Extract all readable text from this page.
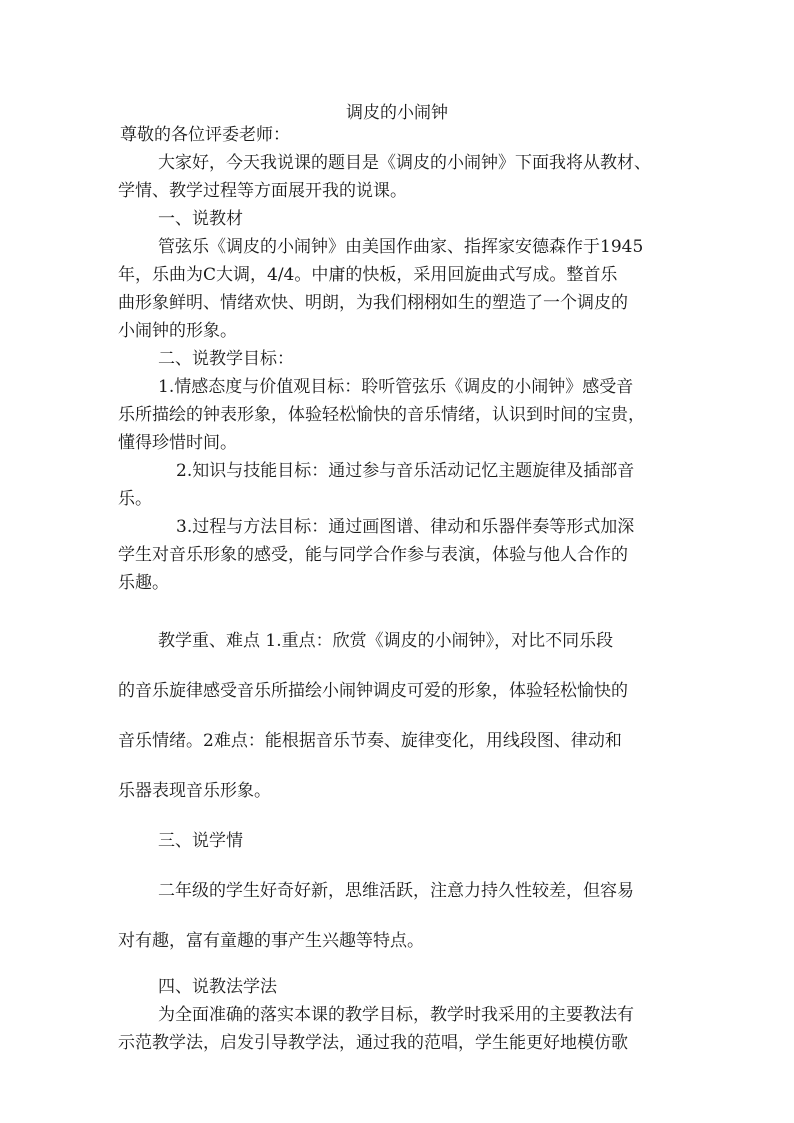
调皮的小闹钟
尊敬的各位评委老师：
大家好，今天我说课的题目是《调皮的小闹钟》下面我将从教材、
学情、教学过程等方面展开我的说课。
一、说教材
管弦乐《调皮的小闹钟》由美国作曲家、指挥家安德森作于1945
年，乐曲为C大调，4/4。中庸的快板，采用回旋曲式写成。整首乐
曲形象鲜明、情绪欢快、明朗，为我们栩栩如生的塑造了一个调皮的
小闹钟的形象。
二、说教学目标：
1.情感态度与价值观目标：聆听管弦乐《调皮的小闹钟》感受音
乐所描绘的钟表形象，体验轻松愉快的音乐情绪，认识到时间的宝贵，
懂得珍惜时间。
2.知识与技能目标：通过参与音乐活动记忆主题旋律及插部音
乐。
3.过程与方法目标：通过画图谱、律动和乐器伴奏等形式加深
学生对音乐形象的感受，能与同学合作参与表演，体验与他人合作的
乐趣。
教学重、难点 1.重点：欣赏《调皮的小闹钟》，对比不同乐段
的音乐旋律感受音乐所描绘小闹钟调皮可爱的形象，体验轻松愉快的
音乐情绪。2难点：能根据音乐节奏、旋律变化，用线段图、律动和
乐器表现音乐形象。
三、说学情
二年级的学生好奇好新，思维活跃，注意力持久性较差，但容易
对有趣，富有童趣的事产生兴趣等特点。
四、说教法学法
为全面准确的落实本课的教学目标，教学时我采用的主要教法有
示范教学法，启发引导教学法，通过我的范唱，学生能更好地模仿歌
